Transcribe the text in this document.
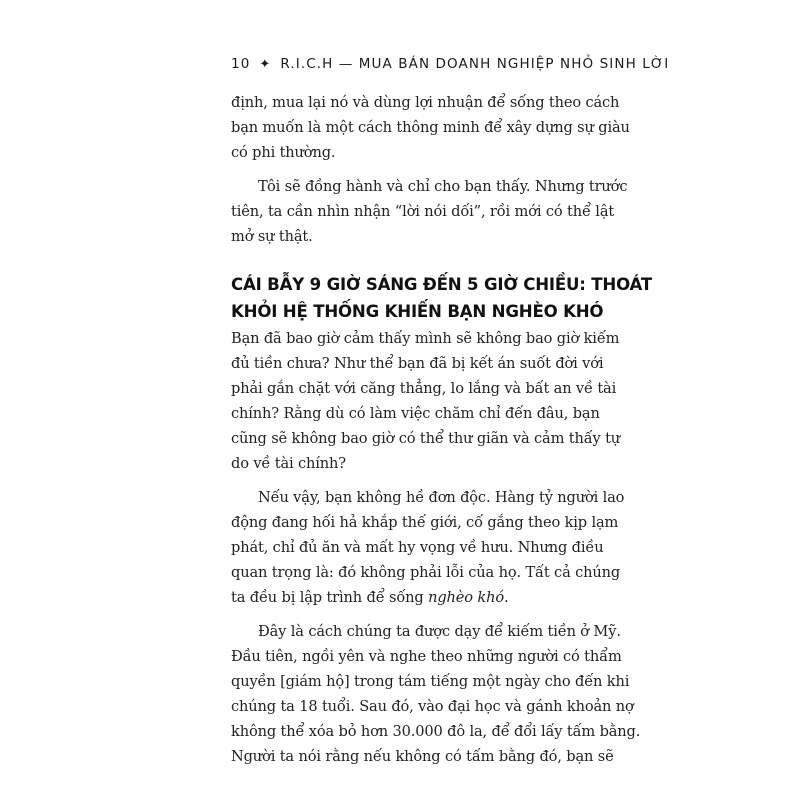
10 ✦ R.I.C.H — MUA BÁN DOANH NGHIỆP NHỎ SINH LỜI

định, mua lại nó và dùng lợi nhuận để sống theo cách
bạn muốn là một cách thông minh để xây dựng sự giàu
có phi thường.

Tôi sẽ đồng hành và chỉ cho bạn thấy. Nhưng trước
tiên, ta cần nhìn nhận “lời nói dối”, rồi mới có thể lật
mở sự thật.

CÁI BẪY 9 GIỜ SÁNG ĐẾN 5 GIỜ CHIỀU: THOÁT
KHỎI HỆ THỐNG KHIẾN BẠN NGHÈO KHÓ

Bạn đã bao giờ cảm thấy mình sẽ không bao giờ kiếm
đủ tiền chưa? Như thể bạn đã bị kết án suốt đời với
phải gắn chặt với căng thẳng, lo lắng và bất an về tài
chính? Rằng dù có làm việc chăm chỉ đến đâu, bạn
cũng sẽ không bao giờ có thể thư giãn và cảm thấy tự
do về tài chính?

Nếu vậy, bạn không hề đơn độc. Hàng tỷ người lao
động đang hối hả khắp thế giới, cố gắng theo kịp lạm
phát, chỉ đủ ăn và mất hy vọng về hưu. Nhưng điều
quan trọng là: đó không phải lỗi của họ. Tất cả chúng
ta đều bị lập trình để sống nghèo khó.

Đây là cách chúng ta được dạy để kiếm tiền ở Mỹ.
Đầu tiên, ngồi yên và nghe theo những người có thẩm
quyền [giám hộ] trong tám tiếng một ngày cho đến khi
chúng ta 18 tuổi. Sau đó, vào đại học và gánh khoản nợ
không thể xóa bỏ hơn 30.000 đô la, để đổi lấy tấm bằng.
Người ta nói rằng nếu không có tấm bằng đó, bạn sẽ
